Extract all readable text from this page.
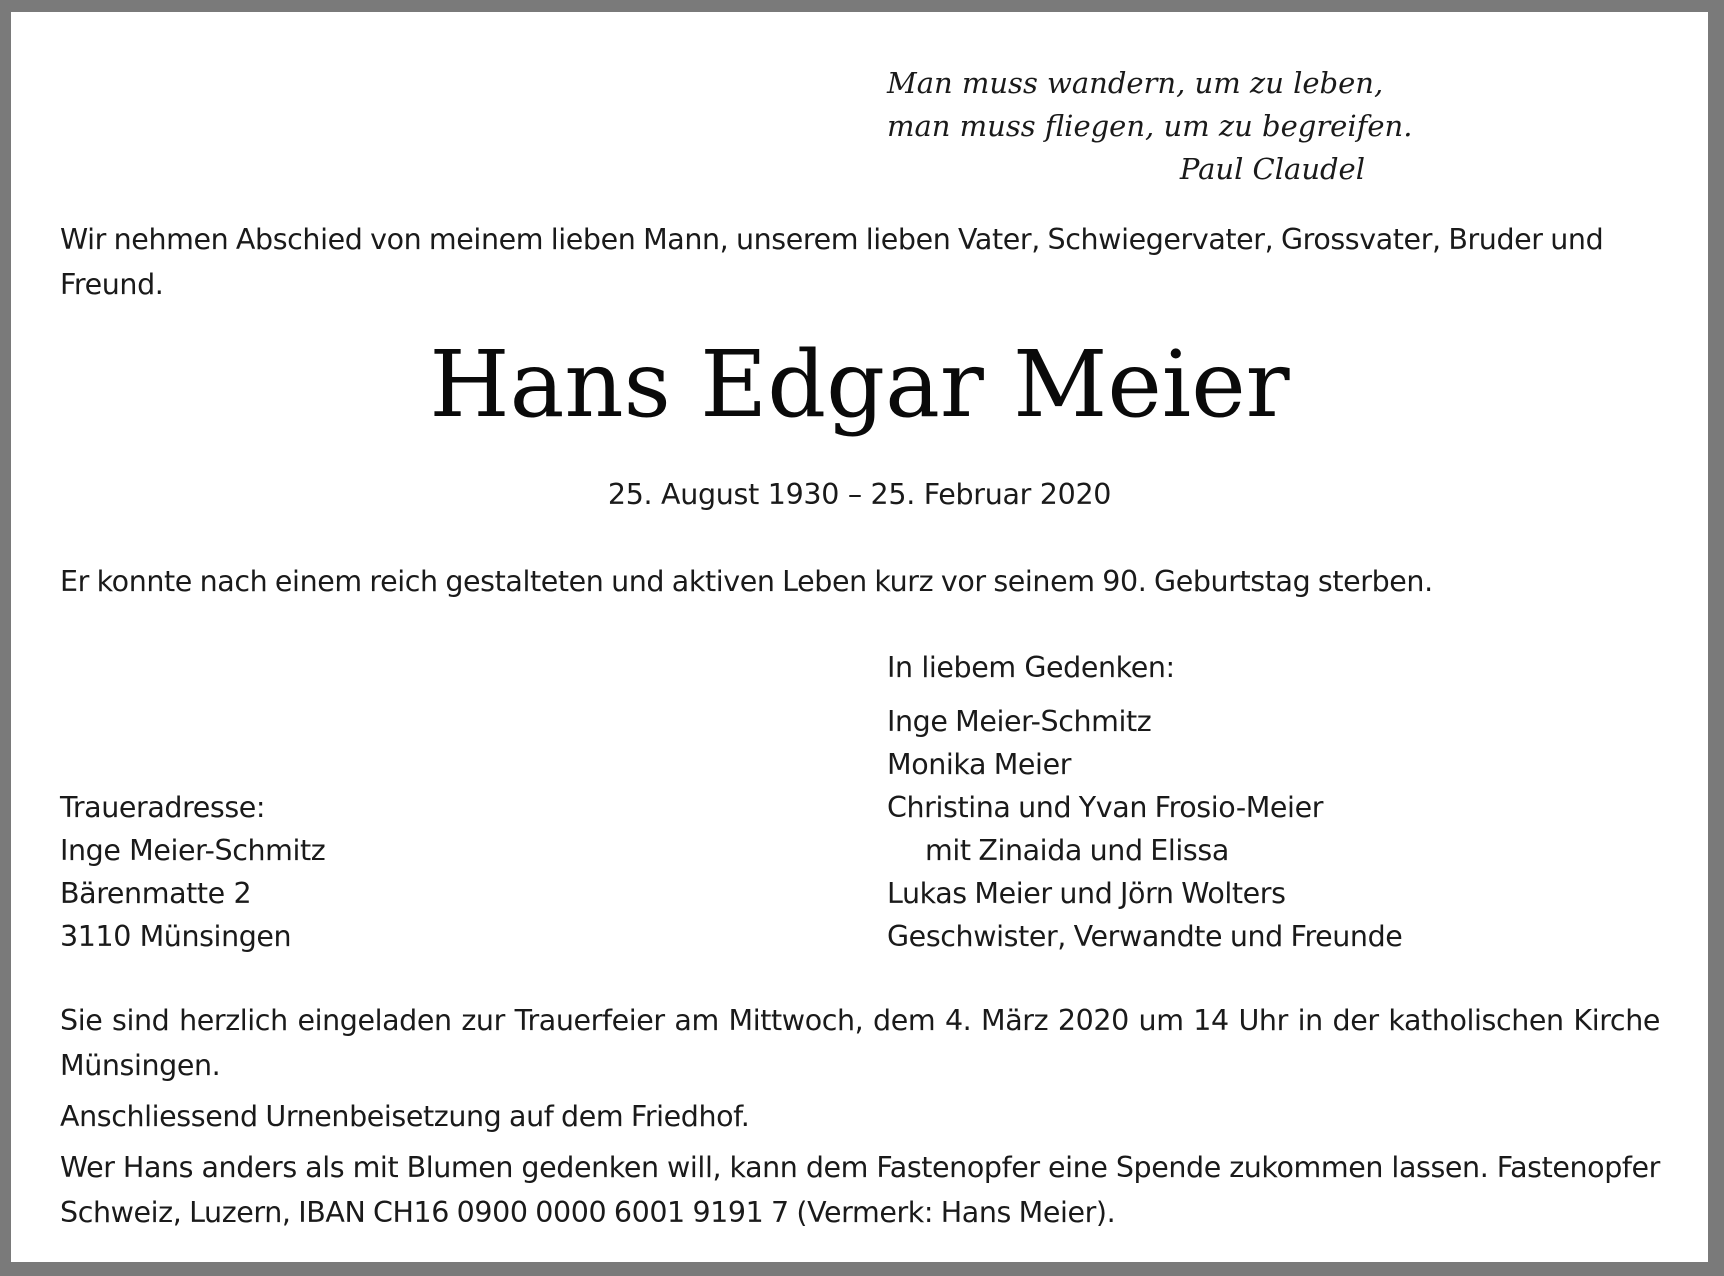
Man muss wandern, um zu leben,
man muss fliegen, um zu begreifen.
Paul Claudel
Wir nehmen Abschied von meinem lieben Mann, unserem lieben Vater, Schwiegervater, Grossvater, Bruder und Freund.
Hans Edgar Meier
25. August 1930 – 25. Februar 2020
Er konnte nach einem reich gestalteten und aktiven Leben kurz vor seinem 90. Geburtstag sterben.
In liebem Gedenken:
Inge Meier-Schmitz
Monika Meier
Christina und Yvan Frosio-Meier
mit Zinaida und Elissa
Lukas Meier und Jörn Wolters
Geschwister, Verwandte und Freunde
Traueradresse:
Inge Meier-Schmitz
Bärenmatte 2
3110 Münsingen
Sie sind herzlich eingeladen zur Trauerfeier am Mittwoch, dem 4. März 2020 um 14 Uhr in der katholischen Kirche Münsingen.
Anschliessend Urnenbeisetzung auf dem Friedhof.
Wer Hans anders als mit Blumen gedenken will, kann dem Fastenopfer eine Spende zukommen lassen. Fastenopfer Schweiz, Luzern, IBAN CH16 0900 0000 6001 9191 7 (Vermerk: Hans Meier).
